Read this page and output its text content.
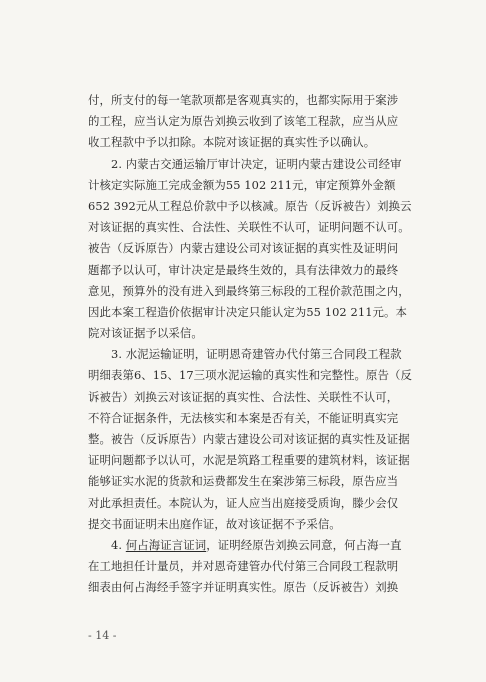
付，所支付的每一笔款项都是客观真实的，也都实际用于案涉
的工程，应当认定为原告刘换云收到了该笔工程款，应当从应
收工程款中予以扣除。本院对该证据的真实性予以确认。
2. 内蒙古交通运输厅审计决定，证明内蒙古建设公司经审
计核定实际施工完成金额为55 102 211元，审定预算外金额
652 392元从工程总价款中予以核减。原告（反诉被告）刘换云
对该证据的真实性、合法性、关联性不认可，证明问题不认可。
被告（反诉原告）内蒙古建设公司对该证据的真实性及证明问
题都予以认可，审计决定是最终生效的，具有法律效力的最终
意见，预算外的没有进入到最终第三标段的工程价款范围之内，
因此本案工程造价依据审计决定只能认定为55 102 211元。本
院对该证据予以采信。
3. 水泥运输证明，证明恩奇建管办代付第三合同段工程款
明细表第6、15、17三项水泥运输的真实性和完整性。原告（反
诉被告）刘换云对该证据的真实性、合法性、关联性不认可，
不符合证据条件，无法核实和本案是否有关，不能证明真实完
整。被告（反诉原告）内蒙古建设公司对该证据的真实性及证据
证明问题都予以认可，水泥是筑路工程重要的建筑材料，该证据
能够证实水泥的货款和运费都发生在案涉第三标段，原告应当
对此承担责任。本院认为，证人应当出庭接受质询，滕少会仅
提交书面证明未出庭作证，故对该证据不予采信。
4. 何占海证言证词，证明经原告刘换云同意，何占海一直
在工地担任计量员，并对恩奇建管办代付第三合同段工程款明
细表由何占海经手签字并证明真实性。原告（反诉被告）刘换
- 14 -
